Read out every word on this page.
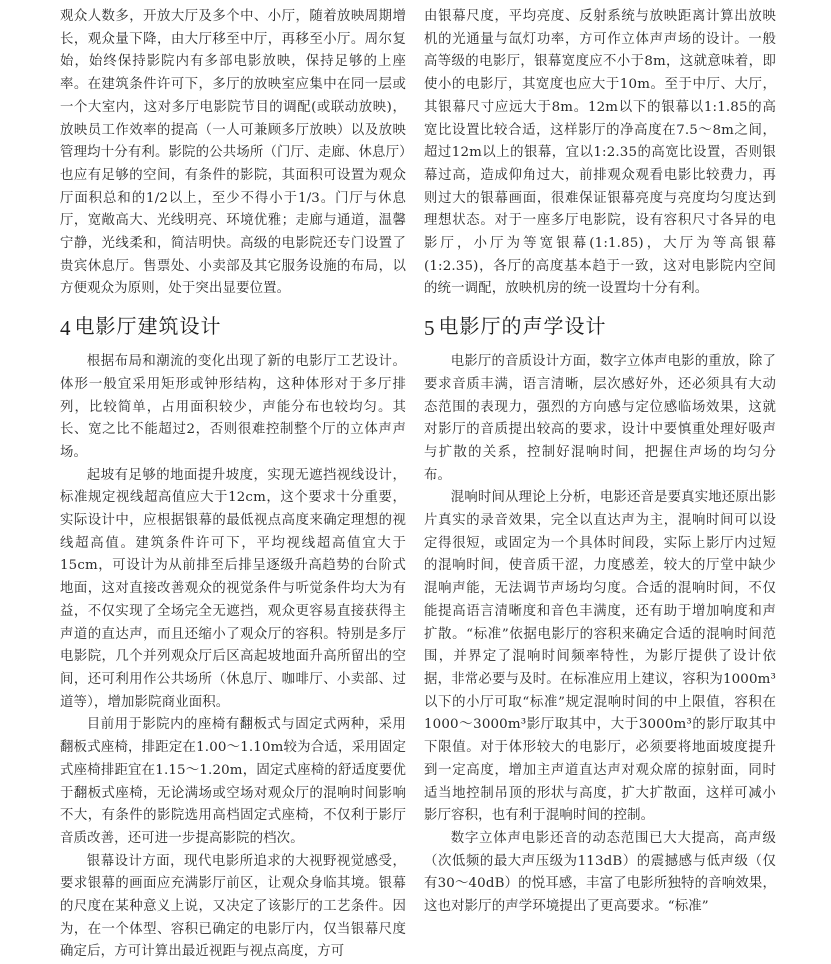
观众人数多，开放大厅及多个中、小厅，随着放映周期增长，观众量下降，由大厅移至中厅，再移至小厅。周尔复始，始终保持影院内有多部电影放映，保持足够的上座率。在建筑条件许可下，多厅的放映室应集中在同一层或一个大室内，这对多厅电影院节目的调配(或联动放映)，放映员工作效率的提高（一人可兼顾多厅放映）以及放映管理均十分有利。影院的公共场所（门厅、走廊、休息厅）也应有足够的空间，有条件的影院，其面积可设置为观众厅面积总和的1/2以上，至少不得小于1/3。门厅与休息厅，宽敞高大、光线明亮、环境优雅；走廊与通道，温馨宁静，光线柔和，简洁明快。高级的电影院还专门设置了贵宾休息厅。售票处、小卖部及其它服务设施的布局，以方便观众为原则，处于突出显要位置。

4 电影厅建筑设计

根据布局和潮流的变化出现了新的电影厅工艺设计。体形一般宜采用矩形或钟形结构，这种体形对于多厅排列，比较简单，占用面积较少，声能分布也较均匀。其长、宽之比不能超过2，否则很难控制整个厅的立体声声场。

起坡有足够的地面提升坡度，实现无遮挡视线设计，标准规定视线超高值应大于12cm，这个要求十分重要，实际设计中，应根据银幕的最低视点高度来确定理想的视线超高值。建筑条件许可下，平均视线超高值宜大于15cm，可设计为从前排至后排呈逐级升高趋势的台阶式地面，这对直接改善观众的视觉条件与听觉条件均大为有益，不仅实现了全场完全无遮挡，观众更容易直接获得主声道的直达声，而且还缩小了观众厅的容积。特别是多厅电影院，几个并列观众厅后区高起坡地面升高所留出的空间，还可利用作公共场所（休息厅、咖啡厅、小卖部、过道等），增加影院商业面积。

目前用于影院内的座椅有翻板式与固定式两种，采用翻板式座椅，排距定在1.00～1.10m较为合适，采用固定式座椅排距宜在1.15～1.20m，固定式座椅的舒适度要优于翻板式座椅，无论满场或空场对观众厅的混响时间影响不大，有条件的影院选用高档固定式座椅，不仅利于影厅音质改善，还可进一步提高影院的档次。

银幕设计方面，现代电影所追求的大视野视觉感受，要求银幕的画面应充满影厅前区，让观众身临其境。银幕的尺度在某种意义上说，又决定了该影厅的工艺条件。因为，在一个体型、容积已确定的电影厅内，仅当银幕尺度确定后，方可计算出最近视距与视点高度，方可

由银幕尺度，平均亮度、反射系统与放映距离计算出放映机的光通量与氙灯功率，方可作立体声声场的设计。一般高等级的电影厅，银幕宽度应不小于8m，这就意味着，即使小的电影厅，其宽度也应大于10m。至于中厅、大厅，其银幕尺寸应远大于8m。12m以下的银幕以1:1.85的高宽比设置比较合适，这样影厅的净高度在7.5～8m之间，超过12m以上的银幕，宜以1:2.35的高宽比设置，否则银幕过高，造成仰角过大，前排观众观看电影比较费力，再则过大的银幕画面，很难保证银幕亮度与亮度均匀度达到理想状态。对于一座多厅电影院，设有容积尺寸各异的电影厅，小厅为等宽银幕(1:1.85)，大厅为等高银幕(1:2.35)，各厅的高度基本趋于一致，这对电影院内空间的统一调配，放映机房的统一设置均十分有利。

5 电影厅的声学设计

电影厅的音质设计方面，数字立体声电影的重放，除了要求音质丰满，语言清晰，层次感好外，还必须具有大动态范围的表现力，强烈的方向感与定位感临场效果，这就对影厅的音质提出较高的要求，设计中要慎重处理好吸声与扩散的关系，控制好混响时间，把握住声场的均匀分布。

混响时间从理论上分析，电影还音是要真实地还原出影片真实的录音效果，完全以直达声为主，混响时间可以设定得很短，或固定为一个具体时间段，实际上影厅内过短的混响时间，使音质干涩，力度感差，较大的厅堂中缺少混响声能，无法调节声场均匀度。合适的混响时间，不仅能提高语言清晰度和音色丰满度，还有助于增加响度和声扩散。“标准”依据电影厅的容积来确定合适的混响时间范围，并界定了混响时间频率特性，为影厅提供了设计依据，非常必要与及时。在标准应用上建议，容积为1000m³以下的小厅可取“标准”规定混响时间的中上限值，容积在1000～3000m³影厅取其中，大于3000m³的影厅取其中下限值。对于体形较大的电影厅，必须要将地面坡度提升到一定高度，增加主声道直达声对观众席的掠射面，同时适当地控制吊顶的形状与高度，扩大扩散面，这样可减小影厅容积，也有利于混响时间的控制。

数字立体声电影还音的动态范围已大大提高，高声级（次低频的最大声压级为113dB）的震撼感与低声级（仅有30～40dB）的悦耳感，丰富了电影所独特的音响效果，这也对影厅的声学环境提出了更高要求。“标准”
